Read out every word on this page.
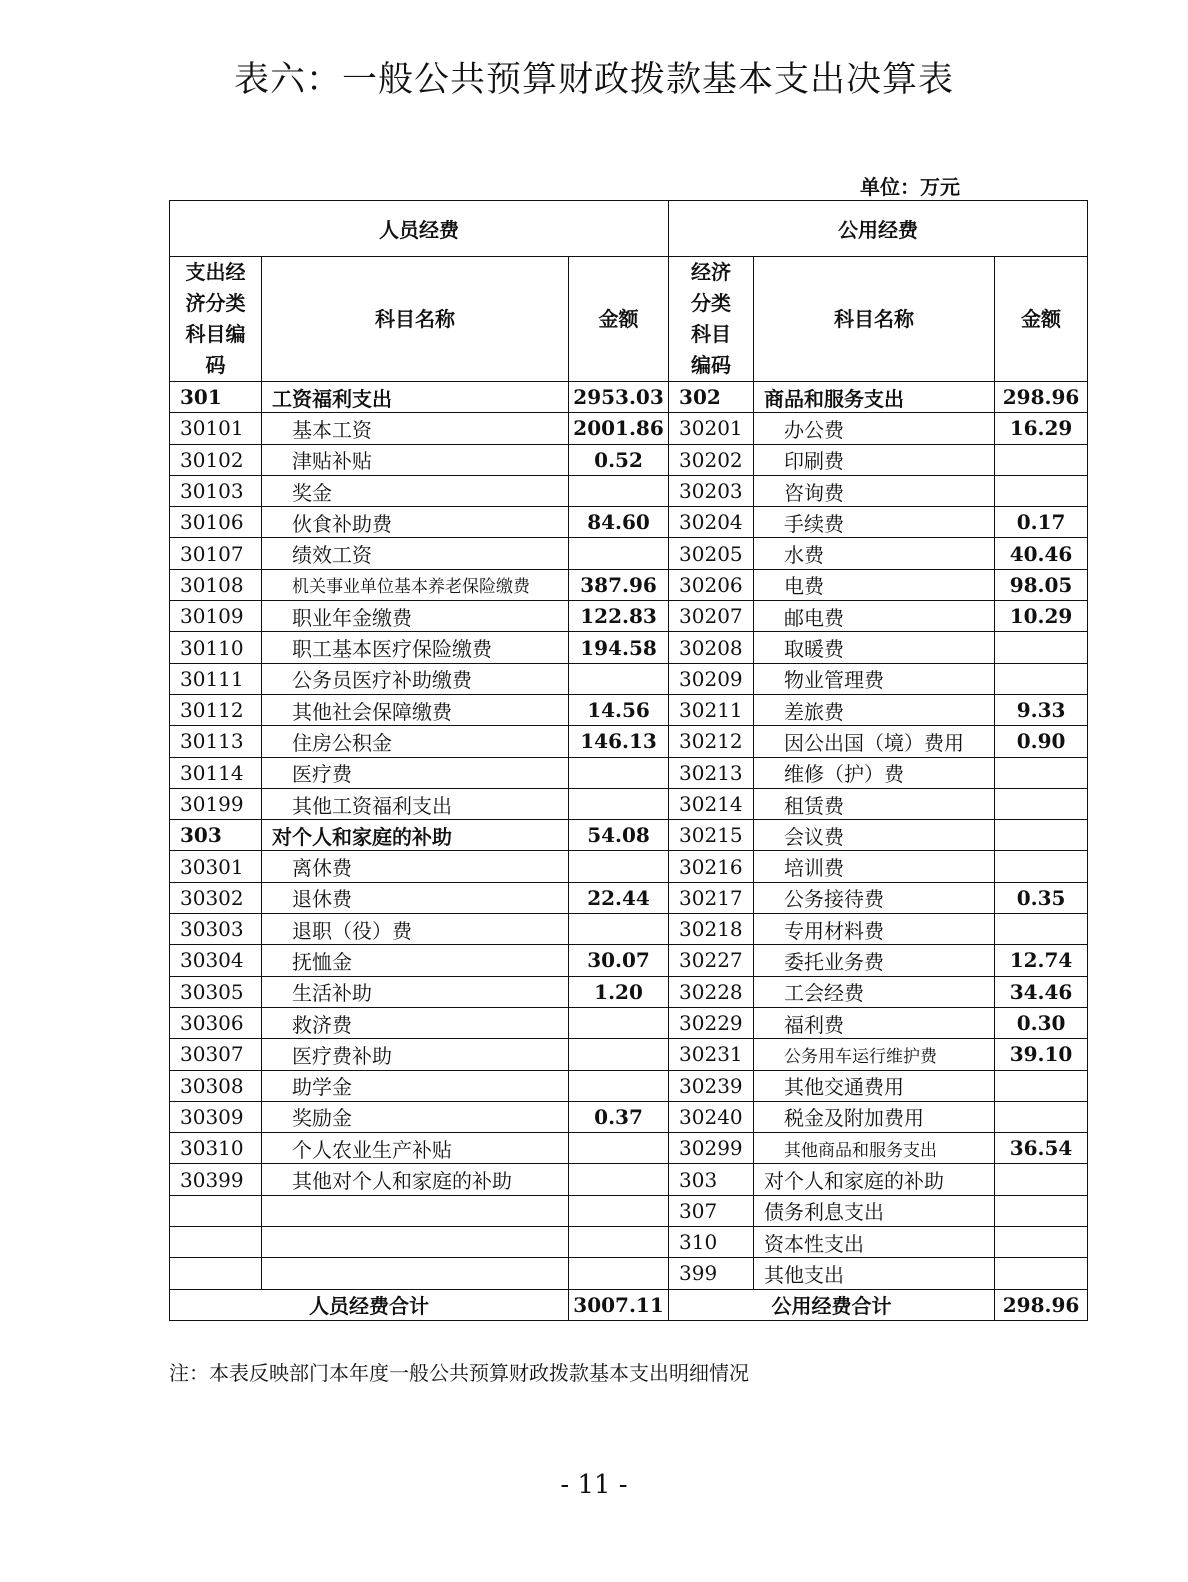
表六：一般公共预算财政拨款基本支出决算表
单位：万元
人员经费			公用经费		
支出经济分类科目编码	科目名称	金额	经济分类科目编码	科目名称	金额
301	工资福利支出	2953.03	302	商品和服务支出	298.96
30101	基本工资	2001.86	30201	办公费	16.29
30102	津贴补贴	0.52	30202	印刷费	
30103	奖金		30203	咨询费	
30106	伙食补助费	84.60	30204	手续费	0.17
30107	绩效工资		30205	水费	40.46
30108	机关事业单位基本养老保险缴费	387.96	30206	电费	98.05
30109	职业年金缴费	122.83	30207	邮电费	10.29
30110	职工基本医疗保险缴费	194.58	30208	取暖费	
30111	公务员医疗补助缴费		30209	物业管理费	
30112	其他社会保障缴费	14.56	30211	差旅费	9.33
30113	住房公积金	146.13	30212	因公出国（境）费用	0.90
30114	医疗费		30213	维修（护）费	
30199	其他工资福利支出		30214	租赁费	
303	对个人和家庭的补助	54.08	30215	会议费	
30301	离休费		30216	培训费	
30302	退休费	22.44	30217	公务接待费	0.35
30303	退职（役）费		30218	专用材料费	
30304	抚恤金	30.07	30227	委托业务费	12.74
30305	生活补助	1.20	30228	工会经费	34.46
30306	救济费		30229	福利费	0.30
30307	医疗费补助		30231	公务用车运行维护费	39.10
30308	助学金		30239	其他交通费用	
30309	奖励金	0.37	30240	税金及附加费用	
30310	个人农业生产补贴		30299	其他商品和服务支出	36.54
30399	其他对个人和家庭的补助		303	对个人和家庭的补助	
			307	债务利息支出	
			310	资本性支出	
			399	其他支出	
人员经费合计		3007.11	公用经费合计		298.96
注：本表反映部门本年度一般公共预算财政拨款基本支出明细情况
- 11 -
